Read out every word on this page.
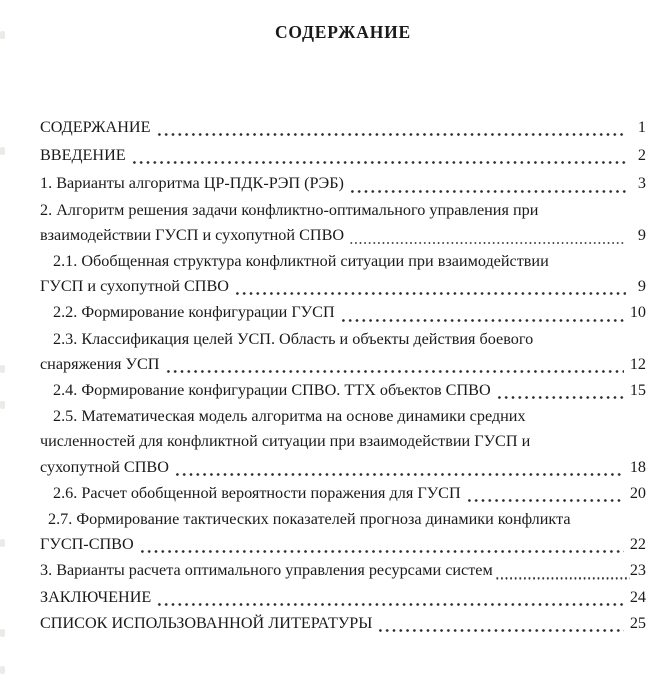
СОДЕРЖАНИЕ
СОДЕРЖАНИЕ	1
ВВЕДЕНИЕ	2
1. Варианты алгоритма ЦР-ПДК-РЭП (РЭБ)	3
2. Алгоритм решения задачи конфликтно-оптимального управления при
взаимодействии ГУСП и сухопутной СПВО	9
2.1. Обобщенная структура конфликтной ситуации при взаимодействии
ГУСП и сухопутной СПВО	9
2.2. Формирование конфигурации ГУСП	10
2.3. Классификация целей УСП. Область и объекты действия боевого
снаряжения УСП	12
2.4. Формирование конфигурации СПВО. ТТХ объектов СПВО	15
2.5. Математическая модель алгоритма на основе динамики средних
численностей для конфликтной ситуации при взаимодействии ГУСП и
сухопутной СПВО	18
2.6. Расчет обобщенной вероятности поражения для ГУСП	20
2.7. Формирование тактических показателей прогноза динамики конфликта
ГУСП-СПВО	22
3. Варианты расчета оптимального управления ресурсами систем	23
ЗАКЛЮЧЕНИЕ	24
СПИСОК ИСПОЛЬЗОВАННОЙ ЛИТЕРАТУРЫ	25
